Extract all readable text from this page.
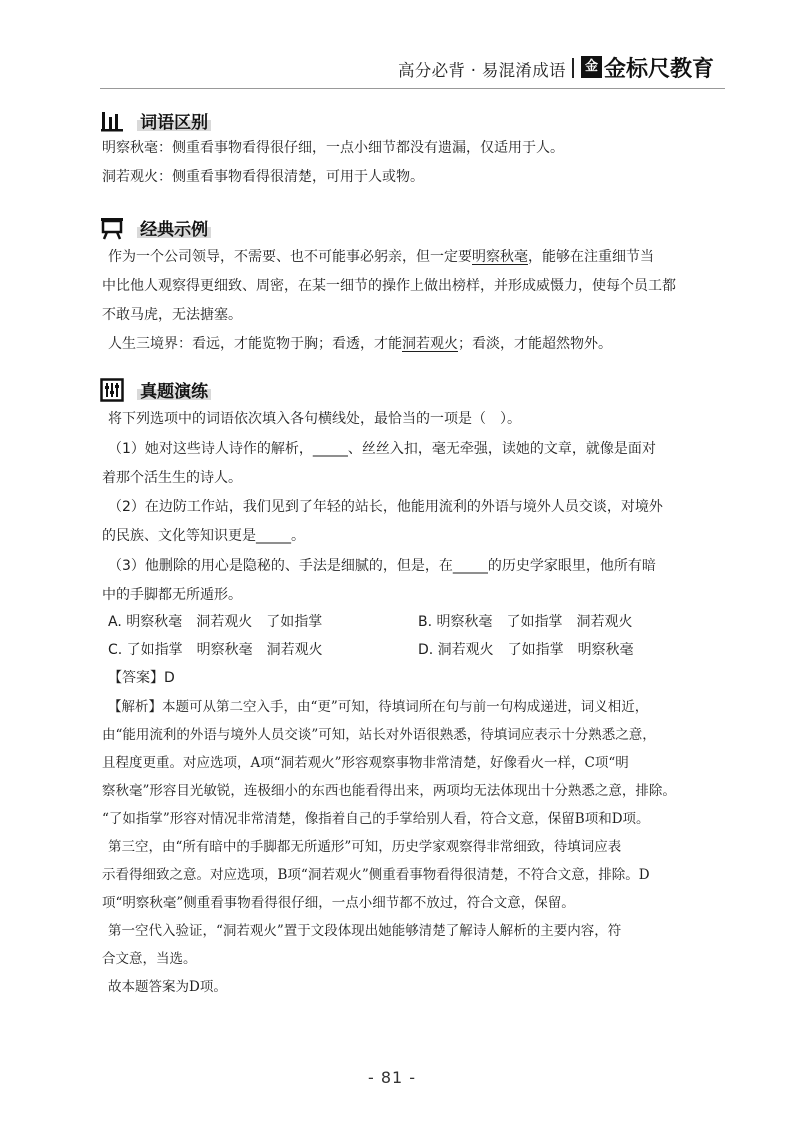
高分必背 · 易混淆成语	金 金标尺教育
词语区别
明察秋毫：侧重看事物看得很仔细，一点小细节都没有遗漏，仅适用于人。
洞若观火：侧重看事物看得很清楚，可用于人或物。
经典示例
作为一个公司领导，不需要、也不可能事必躬亲，但一定要明察秋毫，能够在注重细节当
中比他人观察得更细致、周密，在某一细节的操作上做出榜样，并形成威慑力，使每个员工都
不敢马虎，无法搪塞。
人生三境界：看远，才能览物于胸；看透，才能洞若观火；看淡，才能超然物外。
真题演练
将下列选项中的词语依次填入各句横线处，最恰当的一项是（　）。
（1）她对这些诗人诗作的解析，_____、丝丝入扣，毫无牵强，读她的文章，就像是面对
着那个活生生的诗人。
（2）在边防工作站，我们见到了年轻的站长，他能用流利的外语与境外人员交谈，对境外
的民族、文化等知识更是_____。
（3）他删除的用心是隐秘的、手法是细腻的，但是，在_____的历史学家眼里，他所有暗
中的手脚都无所遁形。
A. 明察秋毫　洞若观火　了如指掌	B. 明察秋毫　了如指掌　洞若观火
C. 了如指掌　明察秋毫　洞若观火	D. 洞若观火　了如指掌　明察秋毫
【答案】D
【解析】本题可从第二空入手，由“更”可知，待填词所在句与前一句构成递进，词义相近，
由“能用流利的外语与境外人员交谈”可知，站长对外语很熟悉，待填词应表示十分熟悉之意，
且程度更重。对应选项，A项“洞若观火”形容观察事物非常清楚，好像看火一样，C项“明
察秋毫”形容目光敏锐，连极细小的东西也能看得出来，两项均无法体现出十分熟悉之意，排除。
“了如指掌”形容对情况非常清楚，像指着自己的手掌给别人看，符合文意，保留B项和D项。
第三空，由“所有暗中的手脚都无所遁形”可知，历史学家观察得非常细致，待填词应表
示看得细致之意。对应选项，B项“洞若观火”侧重看事物看得很清楚，不符合文意，排除。D
项“明察秋毫”侧重看事物看得很仔细，一点小细节都不放过，符合文意，保留。
第一空代入验证，“洞若观火”置于文段体现出她能够清楚了解诗人解析的主要内容，符
合文意，当选。
故本题答案为D项。
- 81 -
